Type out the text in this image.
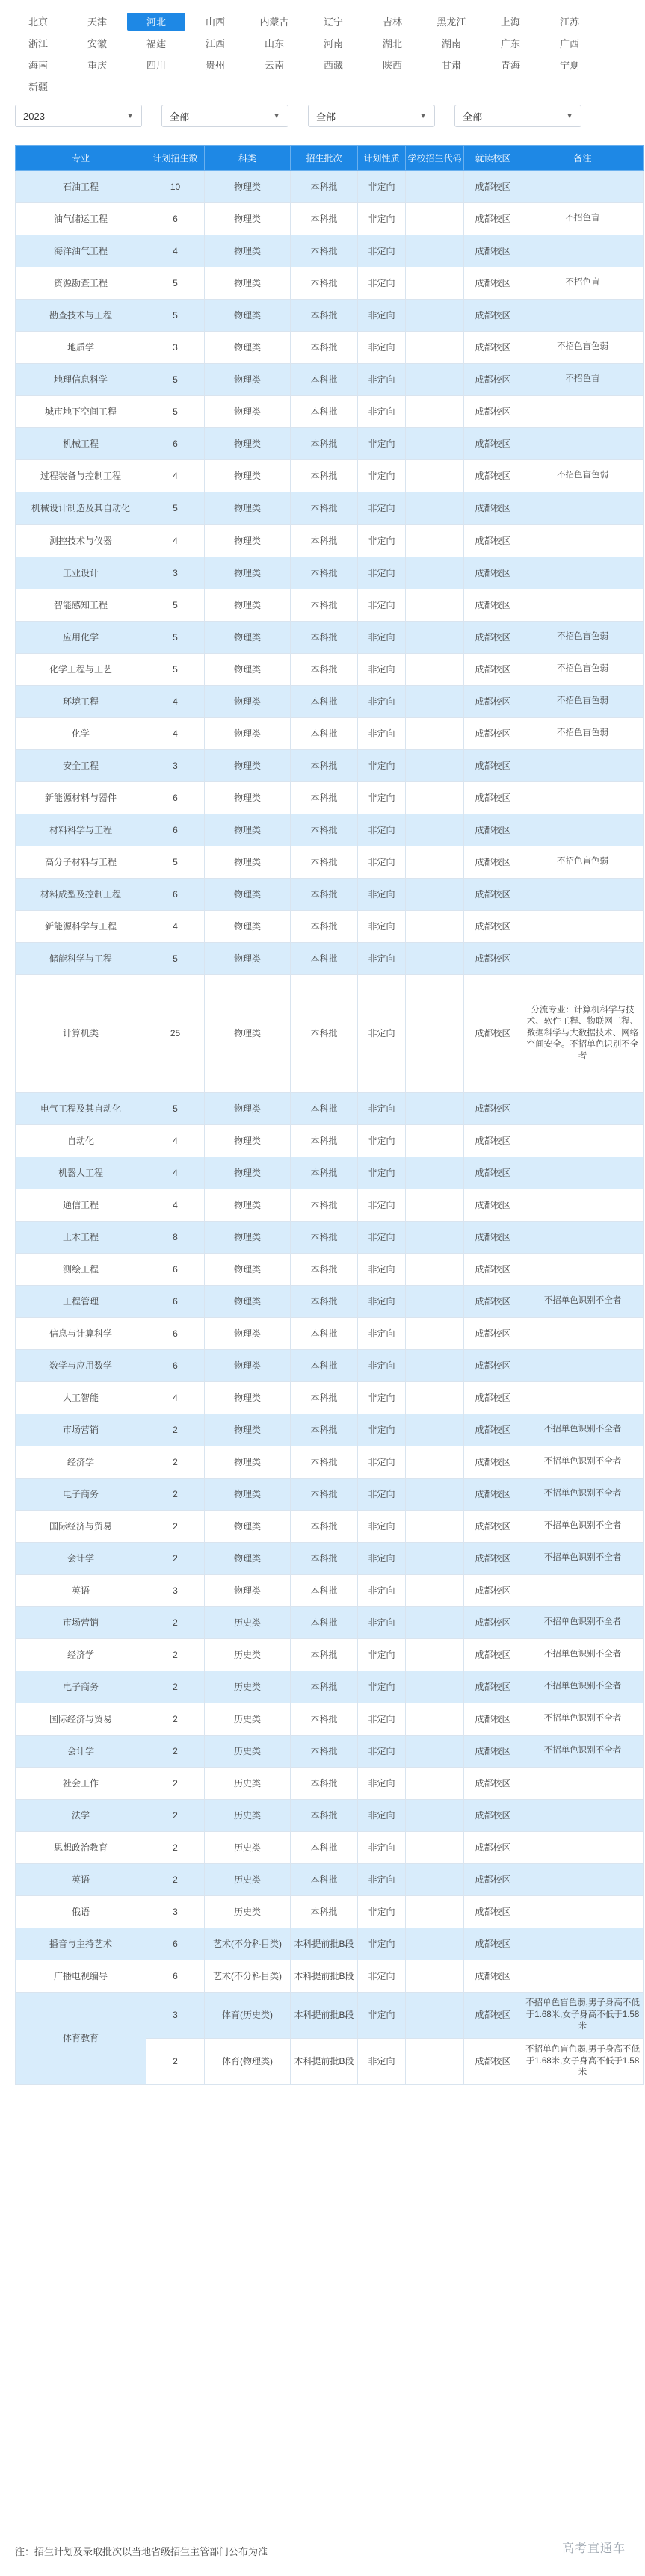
北京	天津	河北	山西	内蒙古	辽宁	吉林	黑龙江	上海	江苏
浙江	安徽	福建	江西	山东	河南	湖北	湖南	广东	广西
海南	重庆	四川	贵州	云南	西藏	陕西	甘肃	青海	宁夏
新疆
2023	▼	全部	▼	全部	▼	全部	▼
专业	计划招生数	科类	招生批次	计划性质	学校招生代码	就读校区	备注
石油工程	10	物理类	本科批	非定向		成都校区	
油气储运工程	6	物理类	本科批	非定向		成都校区	不招色盲
海洋油气工程	4	物理类	本科批	非定向		成都校区	
资源勘查工程	5	物理类	本科批	非定向		成都校区	不招色盲
勘查技术与工程	5	物理类	本科批	非定向		成都校区	
地质学	3	物理类	本科批	非定向		成都校区	不招色盲色弱
地理信息科学	5	物理类	本科批	非定向		成都校区	不招色盲
城市地下空间工程	5	物理类	本科批	非定向		成都校区	
机械工程	6	物理类	本科批	非定向		成都校区	
过程装备与控制工程	4	物理类	本科批	非定向		成都校区	不招色盲色弱
机械设计制造及其自动化	5	物理类	本科批	非定向		成都校区	
测控技术与仪器	4	物理类	本科批	非定向		成都校区	
工业设计	3	物理类	本科批	非定向		成都校区	
智能感知工程	5	物理类	本科批	非定向		成都校区	
应用化学	5	物理类	本科批	非定向		成都校区	不招色盲色弱
化学工程与工艺	5	物理类	本科批	非定向		成都校区	不招色盲色弱
环境工程	4	物理类	本科批	非定向		成都校区	不招色盲色弱
化学	4	物理类	本科批	非定向		成都校区	不招色盲色弱
安全工程	3	物理类	本科批	非定向		成都校区	
新能源材料与器件	6	物理类	本科批	非定向		成都校区	
材料科学与工程	6	物理类	本科批	非定向		成都校区	
高分子材料与工程	5	物理类	本科批	非定向		成都校区	不招色盲色弱
材料成型及控制工程	6	物理类	本科批	非定向		成都校区	
新能源科学与工程	4	物理类	本科批	非定向		成都校区	
储能科学与工程	5	物理类	本科批	非定向		成都校区	
计算机类	25	物理类	本科批	非定向		成都校区	分流专业：计算机科学与技术、软件工程、物联网工程、数据科学与大数据技术、网络空间安全。不招单色识别不全者
电气工程及其自动化	5	物理类	本科批	非定向		成都校区	
自动化	4	物理类	本科批	非定向		成都校区	
机器人工程	4	物理类	本科批	非定向		成都校区	
通信工程	4	物理类	本科批	非定向		成都校区	
土木工程	8	物理类	本科批	非定向		成都校区	
测绘工程	6	物理类	本科批	非定向		成都校区	
工程管理	6	物理类	本科批	非定向		成都校区	不招单色识别不全者
信息与计算科学	6	物理类	本科批	非定向		成都校区	
数学与应用数学	6	物理类	本科批	非定向		成都校区	
人工智能	4	物理类	本科批	非定向		成都校区	
市场营销	2	物理类	本科批	非定向		成都校区	不招单色识别不全者
经济学	2	物理类	本科批	非定向		成都校区	不招单色识别不全者
电子商务	2	物理类	本科批	非定向		成都校区	不招单色识别不全者
国际经济与贸易	2	物理类	本科批	非定向		成都校区	不招单色识别不全者
会计学	2	物理类	本科批	非定向		成都校区	不招单色识别不全者
英语	3	物理类	本科批	非定向		成都校区	
市场营销	2	历史类	本科批	非定向		成都校区	不招单色识别不全者
经济学	2	历史类	本科批	非定向		成都校区	不招单色识别不全者
电子商务	2	历史类	本科批	非定向		成都校区	不招单色识别不全者
国际经济与贸易	2	历史类	本科批	非定向		成都校区	不招单色识别不全者
会计学	2	历史类	本科批	非定向		成都校区	不招单色识别不全者
社会工作	2	历史类	本科批	非定向		成都校区	
法学	2	历史类	本科批	非定向		成都校区	
思想政治教育	2	历史类	本科批	非定向		成都校区	
英语	2	历史类	本科批	非定向		成都校区	
俄语	3	历史类	本科批	非定向		成都校区	
播音与主持艺术	6	艺术(不分科目类)	本科提前批B段	非定向		成都校区	
广播电视编导	6	艺术(不分科目类)	本科提前批B段	非定向		成都校区	
体育教育	3	体育(历史类)	本科提前批B段	非定向		成都校区	不招单色盲色弱,男子身高不低于1.68米,女子身高不低于1.58米
	2	体育(物理类)	本科提前批B段	非定向		成都校区	不招单色盲色弱,男子身高不低于1.68米,女子身高不低于1.58米
注：招生计划及录取批次以当地省级招生主管部门公布为准	高考直通车
